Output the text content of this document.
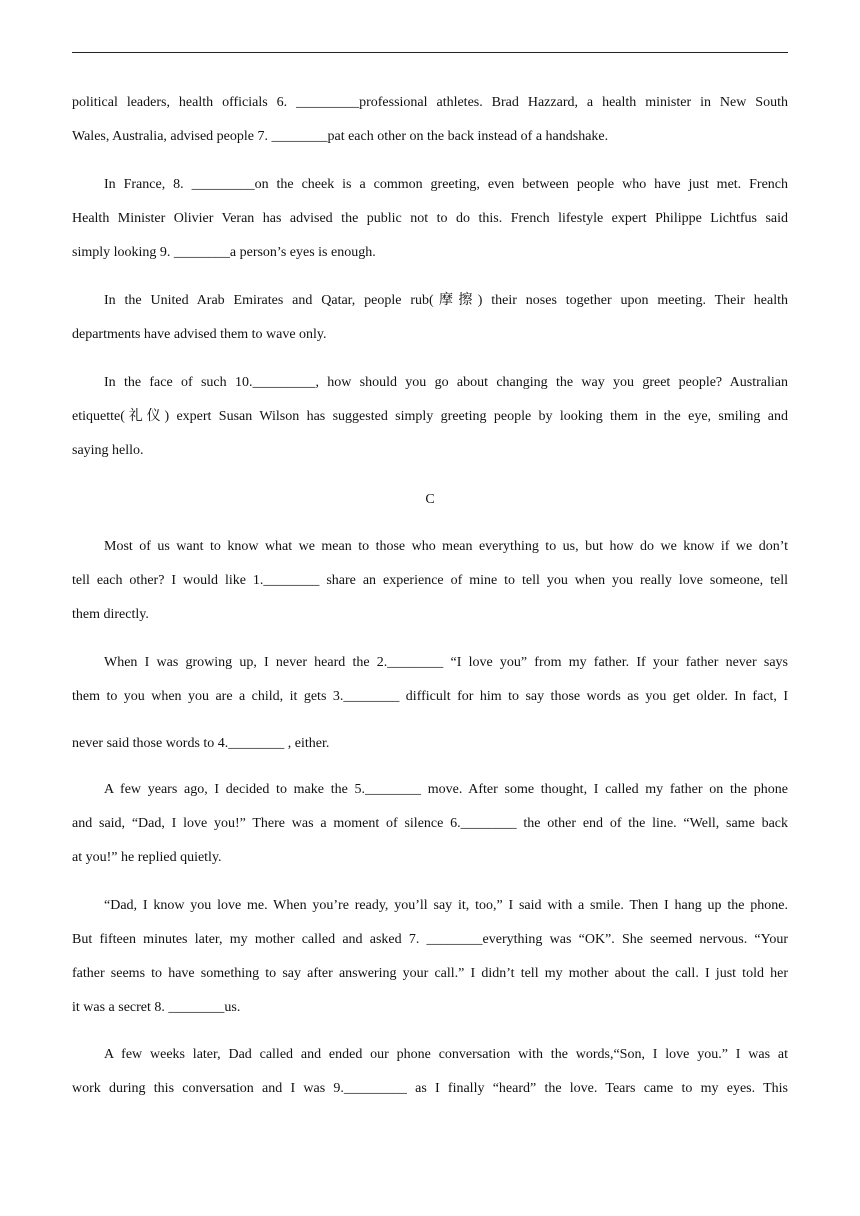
political leaders, health officials 6. _________professional athletes. Brad Hazzard, a health minister in New South
Wales, Australia, advised people 7. ________pat each other on the back instead of a handshake.

In France, 8. _________on the cheek is a common greeting, even between people who have just met. French
Health Minister Olivier Veran has advised the public not to do this. French lifestyle expert Philippe Lichtfus said
simply looking 9. ________a person’s eyes is enough.

In the United Arab Emirates and Qatar, people rub(摩擦) their noses together upon meeting. Their health
departments have advised them to wave only.

In the face of such 10._________, how should you go about changing the way you greet people? Australian
etiquette(礼仪) expert Susan Wilson has suggested simply greeting people by looking them in the eye, smiling and
saying hello.

C

Most of us want to know what we mean to those who mean everything to us, but how do we know if we don’t
tell each other? I would like 1.________ share an experience of mine to tell you when you really love someone, tell
them directly.

When I was growing up, I never heard the 2.________ “I love you” from my father. If your father never says
them to you when you are a child, it gets 3.________ difficult for him to say those words as you get older. In fact, I
never said those words to 4.________ , either.

A few years ago, I decided to make the 5.________ move. After some thought, I called my father on the phone
and said, “Dad, I love you!” There was a moment of silence 6.________ the other end of the line. “Well, same back
at you!” he replied quietly.

“Dad, I know you love me. When you’re ready, you’ll say it, too,” I said with a smile. Then I hang up the phone.
But fifteen minutes later, my mother called and asked 7. ________everything was “OK”. She seemed nervous. “Your
father seems to have something to say after answering your call.” I didn’t tell my mother about the call. I just told her
it was a secret 8. ________us.

A few weeks later, Dad called and ended our phone conversation with the words,“Son, I love you.” I was at
work during this conversation and I was 9._________ as I finally “heard” the love. Tears came to my eyes. This
